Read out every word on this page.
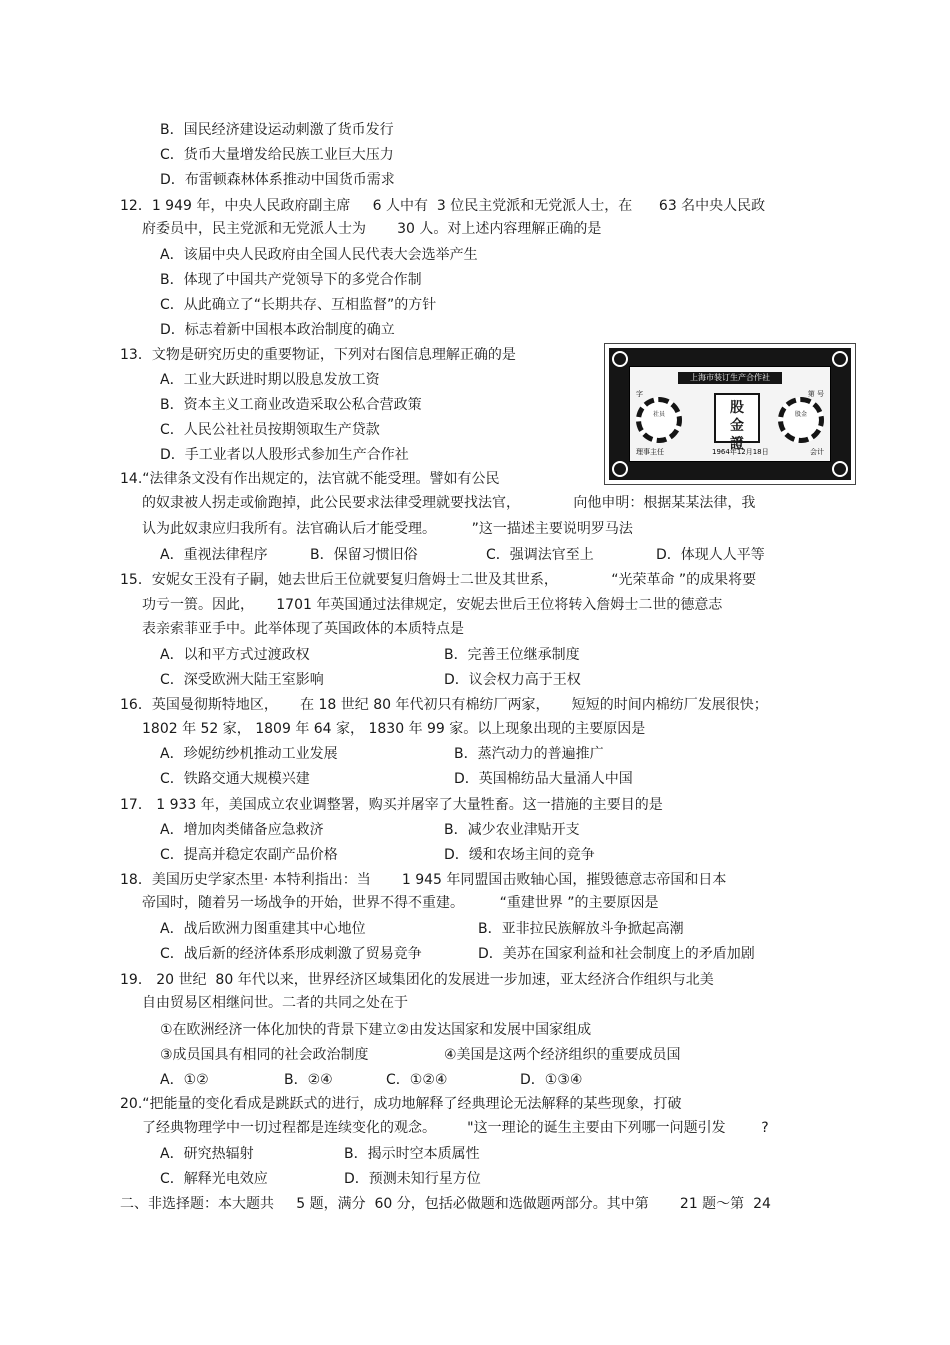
B．国民经济建设运动刺激了货币发行
C．货币大量增发给民族工业巨大压力
D．布雷顿森林体系推动中国货币需求
12．1 949 年，中央人民政府副主席     6 人中有  3 位民主党派和无党派人士，在      63 名中央人民政
府委员中，民主党派和无党派人士为       30 人。对上述内容理解正确的是
A．该届中央人民政府由全国人民代表大会选举产生
B．体现了中国共产党领导下的多党合作制
C．从此确立了“长期共存、互相监督”的方针
D．标志着新中国根本政治制度的确立
13．文物是研究历史的重要物证，下列对右图信息理解正确的是
A．工业大跃进时期以股息发放工资
B．资本主义工商业改造采取公私合营政策
C．人民公社社员按期领取生产贷款
D．手工业者以人股形式参加生产合作社
上海市装订生产合作社
字	第 号
社员	股金
股
金
證
理事主任	1964年12月18日	会计
14.“法律条文没有作出规定的，法官就不能受理。譬如有公民
的奴隶被人拐走或偷跑掉，此公民要求法律受理就要找法官，            向他申明：根据某某法律，我
认为此奴隶应归我所有。法官确认后才能受理。        ”这一描述主要说明罗马法
A．重视法律程序	B．保留习惯旧俗	C．强调法官至上	D．体现人人平等
15．安妮女王没有子嗣，她去世后王位就要复归詹姆士二世及其世系，            “光荣革命 ”的成果将要
功亏一篑。因此，     1701 年英国通过法律规定，安妮去世后王位将转入詹姆士二世的德意志
表亲索菲亚手中。此举体现了英国政体的本质特点是
A．以和平方式过渡政权	B．完善王位继承制度
C．深受欧洲大陆王室影响	D．议会权力高于王权
16．英国曼彻斯特地区，     在 18 世纪 80 年代初只有棉纺厂两家，     短短的时间内棉纺厂发展很快；
1802 年 52 家， 1809 年 64 家， 1830 年 99 家。以上现象出现的主要原因是
A．珍妮纺纱机推动工业发展	B．蒸汽动力的普遍推广
C．铁路交通大规模兴建	D．英国棉纺品大量涌人中国
17． 1 933 年，美国成立农业调整署，购买并屠宰了大量牲畜。这一措施的主要目的是
A．增加肉类储备应急救济	B．减少农业津贴开支
C．提高并稳定农副产品价格	D．缓和农场主间的竞争
18．美国历史学家杰里· 本特利指出：当       1 945 年同盟国击败轴心国，摧毁德意志帝国和日本
帝国时，随着另一场战争的开始，世界不得不重建。        “重建世界 ”的主要原因是
A．战后欧洲力图重建其中心地位	B．亚非拉民族解放斗争掀起高潮
C．战后新的经济体系形成刺激了贸易竞争	D．美苏在国家利益和社会制度上的矛盾加剧
19． 20 世纪  80 年代以来，世界经济区域集团化的发展进一步加速，亚太经济合作组织与北美
自由贸易区相继问世。二者的共同之处在于
①在欧洲经济一体化加快的背景下建立②由发达国家和发展中国家组成
③成员国具有相同的社会政治制度	④美国是这两个经济组织的重要成员国
A．①②	B．②④	C．①②④	D．①③④
20.“把能量的变化看成是跳跃式的进行，成功地解释了经典理论无法解释的某些现象，打破
了经典物理学中一切过程都是连续变化的观念。       "这一理论的诞生主要由下列哪一问题引发        ?
A．研究热辐射	B．揭示时空本质属性
C．解释光电效应	D．预测未知行星方位
二、非选择题：本大题共     5 题，满分  60 分，包括必做题和选做题两部分。其中第       21 题～第  24
